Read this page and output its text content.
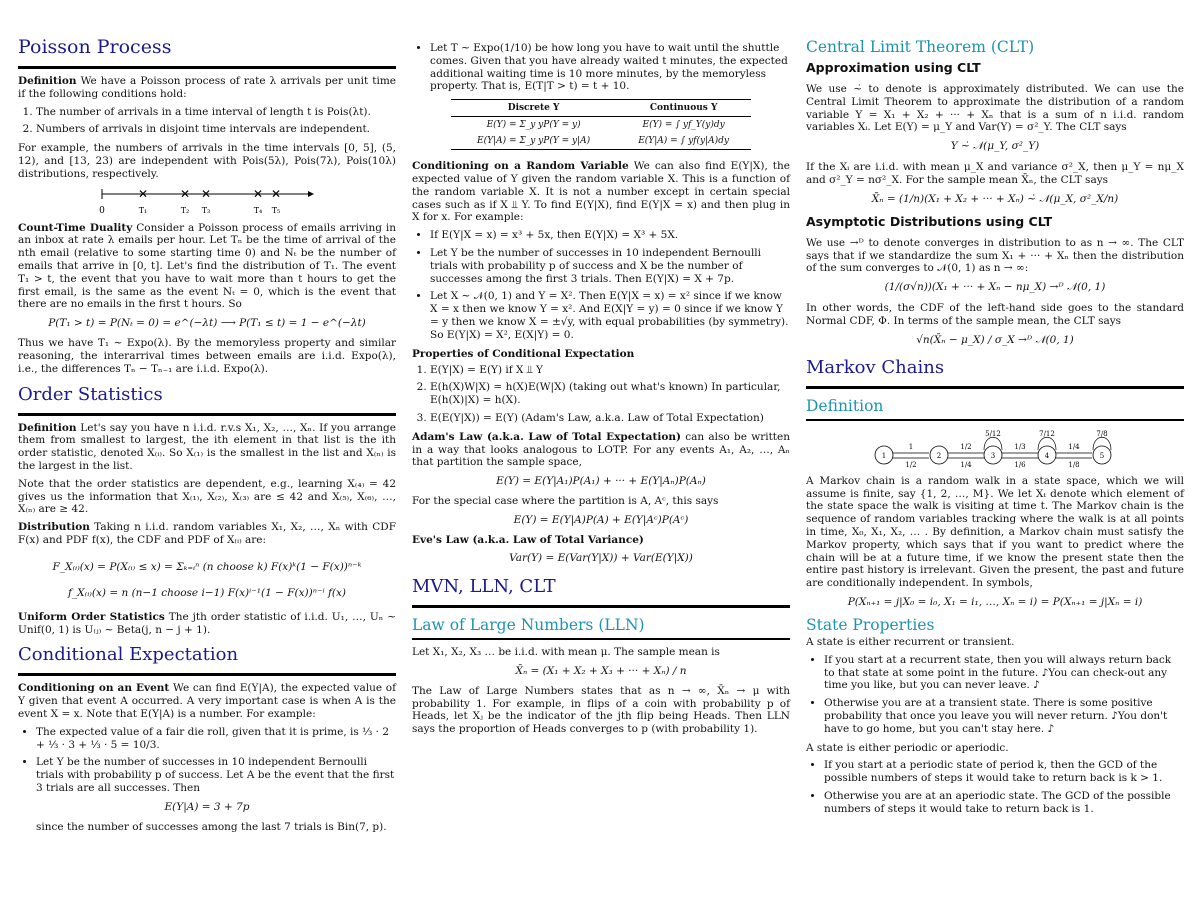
Poisson Process

Definition We have a Poisson process of rate λ arrivals per unit time if the following conditions hold:

1. The number of arrivals in a time interval of length t is Pois(λt).
2. Numbers of arrivals in disjoint time intervals are independent.

For example, the numbers of arrivals in the time intervals [0, 5], (5, 12), and [13, 23) are independent with Pois(5λ), Pois(7λ), Pois(10λ) distributions, respectively.

0
✕	✕ ✕	✕ ✕
T₁	T₂ T₃	T₄ T₅

Count-Time Duality Consider a Poisson process of emails arriving in an inbox at rate λ emails per hour. Let Tₙ be the time of arrival of the nth email (relative to some starting time 0) and Nₜ be the number of emails that arrive in [0, t]. Let's find the distribution of T₁. The event T₁ > t, the event that you have to wait more than t hours to get the first email, is the same as the event Nₜ = 0, which is the event that there are no emails in the first t hours. So

P(T₁ > t) = P(Nₜ = 0) = e^(−λt) ⟶ P(T₁ ≤ t) = 1 − e^(−λt)

Thus we have T₁ ∼ Expo(λ). By the memoryless property and similar reasoning, the interarrival times between emails are i.i.d. Expo(λ), i.e., the differences Tₙ − Tₙ₋₁ are i.i.d. Expo(λ).

Order Statistics

Definition Let's say you have n i.i.d. r.v.s X₁, X₂, …, Xₙ. If you arrange them from smallest to largest, the ith element in that list is the ith order statistic, denoted X₍ᵢ₎. So X₍₁₎ is the smallest in the list and X₍ₙ₎ is the largest in the list.

Note that the order statistics are dependent, e.g., learning X₍₄₎ = 42 gives us the information that X₍₁₎, X₍₂₎, X₍₃₎ are ≤ 42 and X₍₅₎, X₍₆₎, …, X₍ₙ₎ are ≥ 42.

Distribution Taking n i.i.d. random variables X₁, X₂, …, Xₙ with CDF F(x) and PDF f(x), the CDF and PDF of X₍ᵢ₎ are:

F_X₍ᵢ₎(x) = P(X₍ᵢ₎ ≤ x) = Σₖ₌ᵢⁿ (n choose k) F(x)ᵏ(1 − F(x))ⁿ⁻ᵏ
f_X₍ᵢ₎(x) = n (n−1 choose i−1) F(x)ⁱ⁻¹(1 − F(x))ⁿ⁻ⁱ f(x)

Uniform Order Statistics The jth order statistic of i.i.d. U₁, …, Uₙ ∼ Unif(0, 1) is U₍ⱼ₎ ∼ Beta(j, n − j + 1).

Conditional Expectation

Conditioning on an Event We can find E(Y|A), the expected value of Y given that event A occurred. A very important case is when A is the event X = x. Note that E(Y|A) is a number. For example:

• The expected value of a fair die roll, given that it is prime, is ⅓ · 2 + ⅓ · 3 + ⅓ · 5 = 10/3.
• Let Y be the number of successes in 10 independent Bernoulli trials with probability p of success. Let A be the event that the first 3 trials are all successes. Then
E(Y|A) = 3 + 7p

since the number of successes among the last 7 trials is Bin(7, p).

• Let T ∼ Expo(1/10) be how long you have to wait until the shuttle comes. Given that you have already waited t minutes, the expected additional waiting time is 10 more minutes, by the memoryless property. That is, E(T|T > t) = t + 10.
Discrete Y	Continuous Y
E(Y) = Σ_y yP(Y = y)	E(Y) = ∫ yf_Y(y)dy
E(Y|A) = Σ_y yP(Y = y|A)	E(Y|A) = ∫ yf(y|A)dy

Conditioning on a Random Variable We can also find E(Y|X), the expected value of Y given the random variable X. This is a function of the random variable X. It is not a number except in certain special cases such as if X ⫫ Y. To find E(Y|X), find E(Y|X = x) and then plug in X for x. For example:

• If E(Y|X = x) = x³ + 5x, then E(Y|X) = X³ + 5X.
• Let Y be the number of successes in 10 independent Bernoulli trials with probability p of success and X be the number of successes among the first 3 trials. Then E(Y|X) = X + 7p.
• Let X ∼ 𝒩(0, 1) and Y = X². Then E(Y|X = x) = x² since if we know X = x then we know Y = x². And E(X|Y = y) = 0 since if we know Y = y then we know X = ±√y, with equal probabilities (by symmetry). So E(Y|X) = X², E(X|Y) = 0.
Properties of Conditional Expectation
1. E(Y|X) = E(Y) if X ⫫ Y
2. E(h(X)W|X) = h(X)E(W|X) (taking out what's known) In particular, E(h(X)|X) = h(X).
3. E(E(Y|X)) = E(Y) (Adam's Law, a.k.a. Law of Total Expectation)

Adam's Law (a.k.a. Law of Total Expectation) can also be written in a way that looks analogous to LOTP. For any events A₁, A₂, …, Aₙ that partition the sample space,

E(Y) = E(Y|A₁)P(A₁) + ··· + E(Y|Aₙ)P(Aₙ)

For the special case where the partition is A, Aᶜ, this says

E(Y) = E(Y|A)P(A) + E(Y|Aᶜ)P(Aᶜ)
Eve's Law (a.k.a. Law of Total Variance)
Var(Y) = E(Var(Y|X)) + Var(E(Y|X))
MVN, LLN, CLT
Law of Large Numbers (LLN)

Let X₁, X₂, X₃ … be i.i.d. with mean μ. The sample mean is

X̄ₙ = (X₁ + X₂ + X₃ + ··· + Xₙ) / n

The Law of Large Numbers states that as n → ∞, X̄ₙ → μ with probability 1. For example, in flips of a coin with probability p of Heads, let Xⱼ be the indicator of the jth flip being Heads. Then LLN says the proportion of Heads converges to p (with probability 1).

Central Limit Theorem (CLT)
Approximation using CLT

We use ∼̇ to denote is approximately distributed. We can use the Central Limit Theorem to approximate the distribution of a random variable Y = X₁ + X₂ + ··· + Xₙ that is a sum of n i.i.d. random variables Xᵢ. Let E(Y) = μ_Y and Var(Y) = σ²_Y. The CLT says

Y ∼̇ 𝒩(μ_Y, σ²_Y)

If the Xᵢ are i.i.d. with mean μ_X and variance σ²_X, then μ_Y = nμ_X and σ²_Y = nσ²_X. For the sample mean X̄ₙ, the CLT says

X̄ₙ = (1/n)(X₁ + X₂ + ··· + Xₙ) ∼̇ 𝒩(μ_X, σ²_X/n)
Asymptotic Distributions using CLT

We use →ᴰ to denote converges in distribution to as n → ∞. The CLT says that if we standardize the sum X₁ + ··· + Xₙ then the distribution of the sum converges to 𝒩(0, 1) as n → ∞:

(1/(σ√n))(X₁ + ··· + Xₙ − nμ_X) →ᴰ 𝒩(0, 1)

In other words, the CDF of the left-hand side goes to the standard Normal CDF, Φ. In terms of the sample mean, the CLT says

√n(X̄ₙ − μ_X) / σ_X →ᴰ 𝒩(0, 1)
Markov Chains
Definition
5/12	7/12	7/8
1	1/2	1/3	1/4
1/2	1/4	1/6	1/8
1	2	3	4	5

A Markov chain is a random walk in a state space, which we will assume is finite, say {1, 2, …, M}. We let Xₜ denote which element of the state space the walk is visiting at time t. The Markov chain is the sequence of random variables tracking where the walk is at all points in time, X₀, X₁, X₂, … . By definition, a Markov chain must satisfy the Markov property, which says that if you want to predict where the chain will be at a future time, if we know the present state then the entire past history is irrelevant. Given the present, the past and future are conditionally independent. In symbols,

P(Xₙ₊₁ = j|X₀ = i₀, X₁ = i₁, …, Xₙ = i) = P(Xₙ₊₁ = j|Xₙ = i)
State Properties

A state is either recurrent or transient.

• If you start at a recurrent state, then you will always return back to that state at some point in the future. ♪You can check-out any time you like, but you can never leave. ♪
• Otherwise you are at a transient state. There is some positive probability that once you leave you will never return. ♪You don't have to go home, but you can't stay here. ♪

A state is either periodic or aperiodic.

• If you start at a periodic state of period k, then the GCD of the possible numbers of steps it would take to return back is k > 1.
• Otherwise you are at an aperiodic state. The GCD of the possible numbers of steps it would take to return back is 1.
